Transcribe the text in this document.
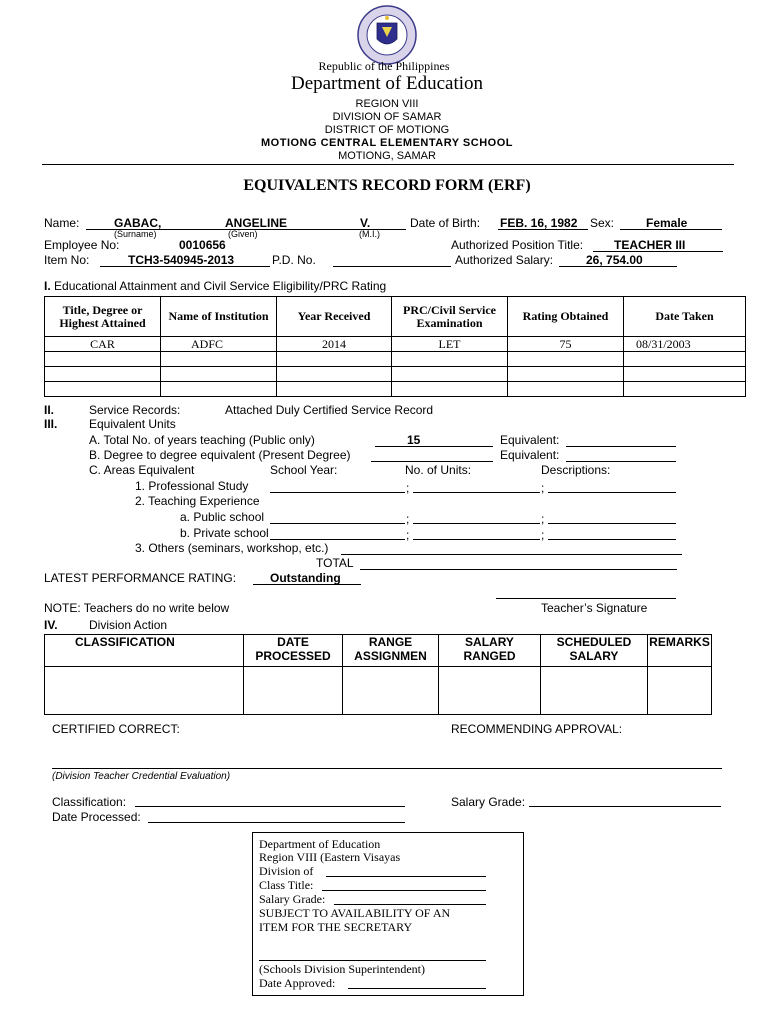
Republic of the Philippines
Department of Education
REGION VIII
DIVISION OF SAMAR
DISTRICT OF MOTIONG
MOTIONG CENTRAL ELEMENTARY SCHOOL
MOTIONG, SAMAR
EQUIVALENTS RECORD FORM (ERF)
Name:	GABAC,	ANGELINE	V.
(Surname)	(Given)	(M.I.)
Date of Birth: FEB. 16, 1982 Sex:	Female
Employee No:	0010656	Authorized Position Title:	TEACHER III
Item No:	TCH3-540945-2013	P.D. No.	Authorized Salary:	26, 754.00
I. Educational Attainment and Civil Service Eligibility/PRC Rating
Title, Degree or Highest Attained	Name of Institution	Year Received	PRC/Civil Service Examination	Rating Obtained	Date Taken
CAR	ADFC	2014	LET	75	08/31/2003

II.	Service Records:	Attached Duly Certified Service Record
III.	Equivalent Units
A. Total No. of years teaching (Public only)	15	Equivalent:
B. Degree to degree equivalent (Present Degree)	Equivalent:
C. Areas Equivalent	School Year:	No. of Units:	Descriptions:
1. Professional Study	;	;
2. Teaching Experience
a. Public school	;	;
b. Private school	;	;
3. Others (seminars, workshop, etc.)
TOTAL
LATEST PERFORMANCE RATING:	Outstanding
NOTE: Teachers do no write below	Teacher’s Signature
IV.	Division Action
CLASSIFICATION	DATE PROCESSED	RANGE ASSIGNMEN	SALARY RANGED	SCHEDULED SALARY	REMARKS

CERTIFIED CORRECT:	RECOMMENDING APPROVAL:
(Division Teacher Credential Evaluation)
Classification:	Salary Grade:
Date Processed:
Department of Education
Region VIII (Eastern Visayas
Division of
Class Title:
Salary Grade:
SUBJECT TO AVAILABILITY OF AN
ITEM FOR THE SECRETARY
(Schools Division Superintendent)
Date Approved:
